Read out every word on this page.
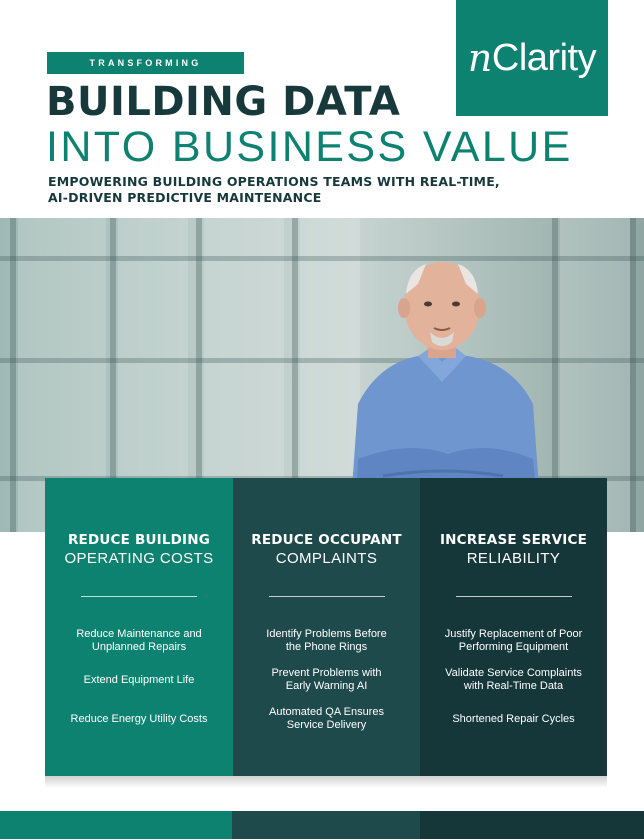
n Clarity
TRANSFORMING
BUILDING DATA
INTO BUSINESS VALUE
EMPOWERING BUILDING OPERATIONS TEAMS WITH REAL-TIME,
AI-DRIVEN PREDICTIVE MAINTENANCE
REDUCE BUILDING
OPERATING COSTS
Reduce Maintenance and
Unplanned Repairs
Extend Equipment Life
Reduce Energy Utility Costs
REDUCE OCCUPANT
COMPLAINTS
Identify Problems Before
the Phone Rings
Prevent Problems with
Early Warning AI
Automated QA Ensures
Service Delivery
INCREASE SERVICE
RELIABILITY
Justify Replacement of Poor
Performing Equipment
Validate Service Complaints
with Real-Time Data
Shortened Repair Cycles
